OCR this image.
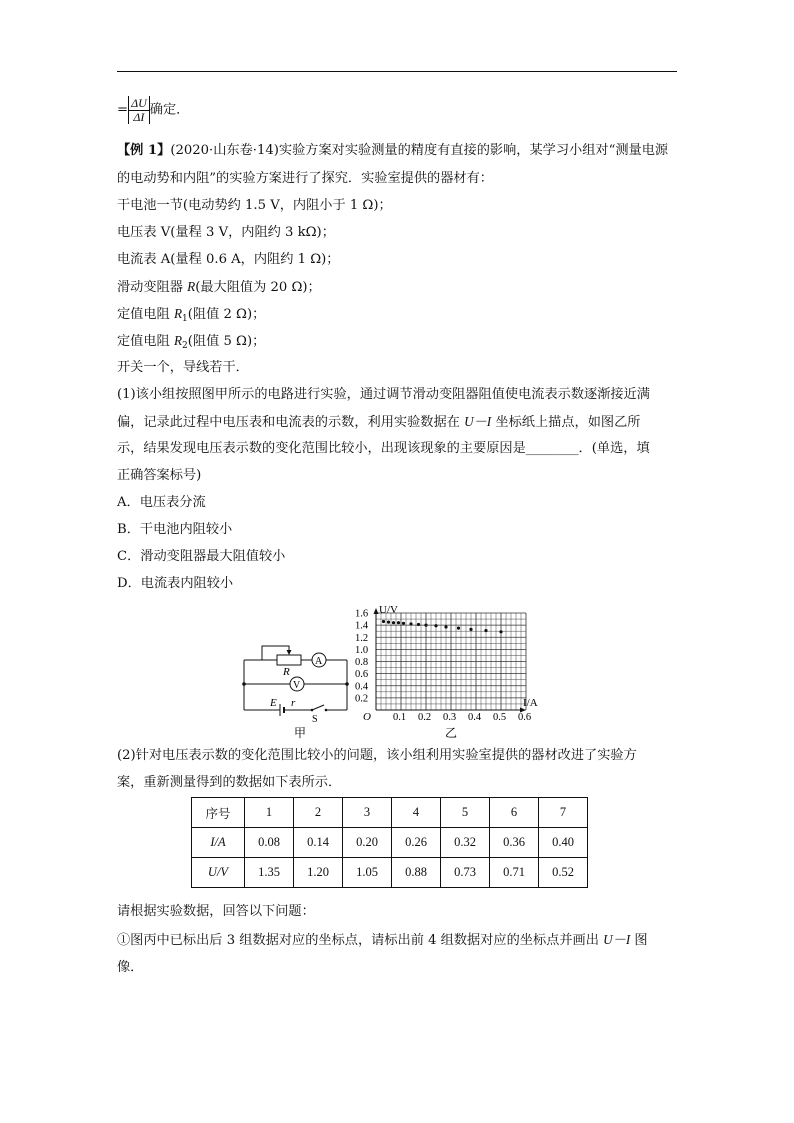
= $\frac{\Delta U}{\Delta I}$ 确定．
【例 1】(2020·山东卷·14)实验方案对实验测量的精度有直接的影响，某学习小组对“测量电源
的电动势和内阻”的实验方案进行了探究．实验室提供的器材有：
干电池一节(电动势约 1.5 V，内阻小于 1 Ω)；
电压表 V(量程 3 V，内阻约 3 kΩ)；
电流表 A(量程 0.6 A，内阻约 1 Ω)；
滑动变阻器 R(最大阻值为 20 Ω)；
定值电阻 $R_1$(阻值 2 Ω)；
定值电阻 $R_2$(阻值 5 Ω)；
开关一个，导线若干．
(1)该小组按照图甲所示的电路进行实验，通过调节滑动变阻器阻值使电流表示数逐渐接近满
偏，记录此过程中电压表和电流表的示数，利用实验数据在 U－I 坐标纸上描点，如图乙所
示，结果发现电压表示数的变化范围比较小，出现该现象的主要原因是________．(单选，填
正确答案标号)
A．电压表分流
B．干电池内阻较小
C．滑动变阻器最大阻值较小
D．电流表内阻较小
R
A
V
E r
S
甲
U/V
I/A
O
1.6
1.4
1.2
1.0
0.8
0.6
0.4
0.2
0.1 0.2 0.3 0.4 0.5 0.6
乙
(2)针对电压表示数的变化范围比较小的问题，该小组利用实验室提供的器材改进了实验方
案，重新测量得到的数据如下表所示．
序号	1	2	3	4	5	6	7
I/A	0.08	0.14	0.20	0.26	0.32	0.36	0.40
U/V	1.35	1.20	1.05	0.88	0.73	0.71	0.52
请根据实验数据，回答以下问题：
①图丙中已标出后 3 组数据对应的坐标点，请标出前 4 组数据对应的坐标点并画出 U－I 图
像．
